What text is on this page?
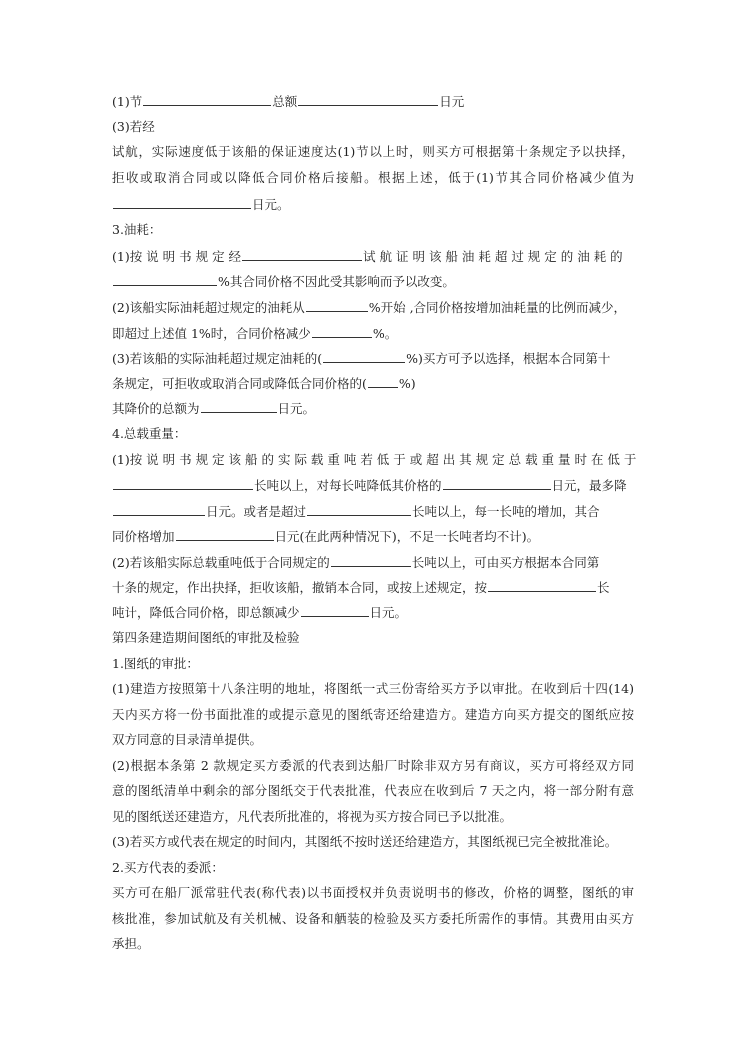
(1)节	总额	日元
(3)若经
试航，实际速度低于该船的保证速度达(1)节以上时，则买方可根据第十条规定予以抉择，
拒收或取消合同或以降低合同价格后接船。根据上述，低于(1)节其合同价格减少值为
日元。
3.油耗：
(1)按 说 明 书 规 定 经	试 航 证 明 该 船 油 耗 超 过 规 定 的 油 耗 的
%其合同价格不因此受其影响而予以改变。
(2)该船实际油耗超过规定的油耗从	%开始 ,合同价格按增加油耗量的比例而减少，
即超过上述值 1%时，合同价格减少	%。
(3)若该船的实际油耗超过规定油耗的(	%)买方可予以选择，根据本合同第十
条规定，可拒收或取消合同或降低合同价格的(	%)
其降价的总额为	日元。
4.总载重量：
(1)按 说 明 书 规 定 该 船 的 实 际 载 重 吨 若 低 于 或 超 出 其 规 定 总 载 重 量 时 在 低 于
长吨以上，对每长吨降低其价格的	日元，最多降
日元。或者是超过	长吨以上，每一长吨的增加，其合
同价格增加	日元(在此两种情况下)，不足一长吨者均不计)。
(2)若该船实际总载重吨低于合同规定的	长吨以上，可由买方根据本合同第
十条的规定，作出抉择，拒收该船，撤销本合同，或按上述规定，按	长
吨计，降低合同价格，即总额减少	日元。
第四条建造期间图纸的审批及检验
1.图纸的审批：
(1)建造方按照第十八条注明的地址，将图纸一式三份寄给买方予以审批。在收到后十四(14)
天内买方将一份书面批准的或提示意见的图纸寄还给建造方。建造方向买方提交的图纸应按
双方同意的目录清单提供。
(2)根据本条第 2 款规定买方委派的代表到达船厂时除非双方另有商议，买方可将经双方同
意的图纸清单中剩余的部分图纸交于代表批准，代表应在收到后 7 天之内，将一部分附有意
见的图纸送还建造方，凡代表所批准的，将视为买方按合同已予以批准。
(3)若买方或代表在规定的时间内，其图纸不按时送还给建造方，其图纸视已完全被批准论。
2.买方代表的委派：
买方可在船厂派常驻代表(称代表)以书面授权并负责说明书的修改，价格的调整，图纸的审
核批准，参加试航及有关机械、设备和舾装的检验及买方委托所需作的事情。其费用由买方
承担。
